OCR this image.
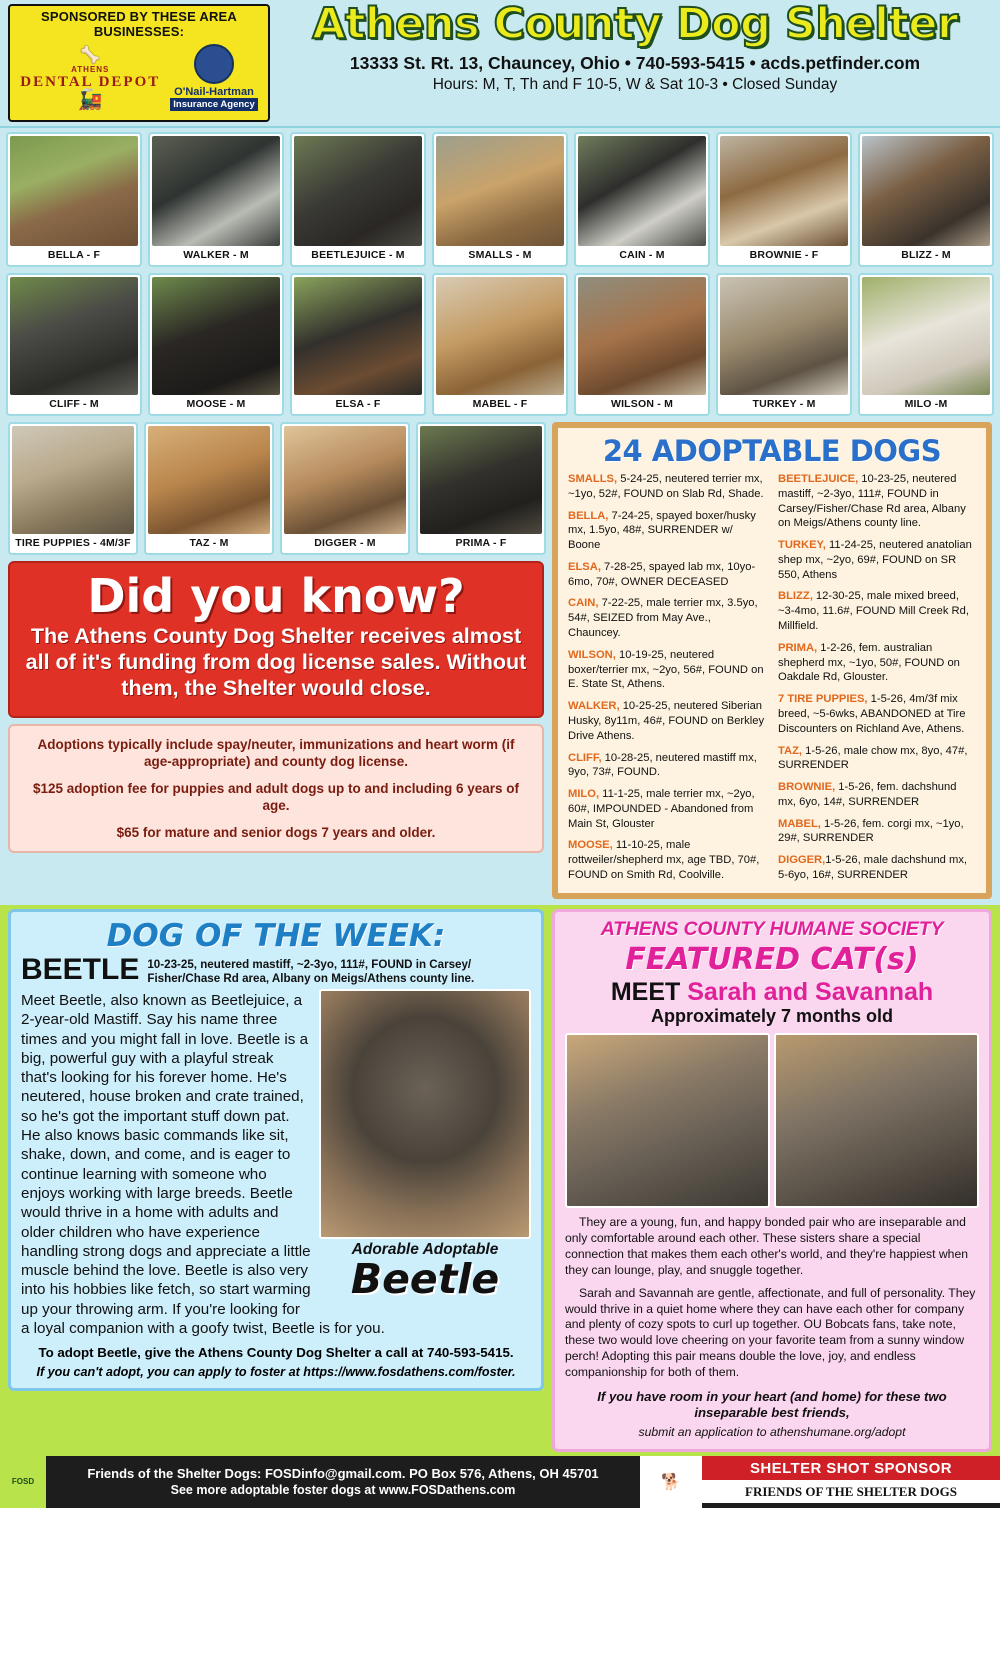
SPONSORED BY THESE AREA BUSINESSES:
🦴
ATHENS
DENTAL DEPOT
🚂	O'Nail-Hartman
Insurance Agency
Athens County Dog Shelter
13333 St. Rt. 13, Chauncey, Ohio • 740-593-5415 • acds.petfinder.com
Hours: M, T, Th and F 10-5, W & Sat 10-3 • Closed Sunday
BELLA - F	WALKER - M	BEETLEJUICE - M	SMALLS - M	CAIN - M	BROWNIE - F	BLIZZ - M
CLIFF - M	MOOSE - M	ELSA - F	MABEL - F	WILSON - M	TURKEY - M	MILO -M
TIRE PUPPIES - 4M/3F	TAZ - M	DIGGER - M	PRIMA - F
Did you know?

The Athens County Dog Shelter receives almost all of it's funding from dog license sales. Without them, the Shelter would close.

Adoptions typically include spay/neuter, immunizations and heart worm (if age-appropriate) and county dog license.

$125 adoption fee for puppies and adult dogs up to and including 6 years of age.

$65 for mature and senior dogs 7 years and older.

24 ADOPTABLE DOGS
SMALLS, 5-24-25, neutered terrier mx, ~1yo, 52#, FOUND on Slab Rd, Shade.
BELLA, 7-24-25, spayed boxer/husky mx, 1.5yo, 48#, SURRENDER w/ Boone
ELSA, 7-28-25, spayed lab mx, 10yo-6mo, 70#, OWNER DECEASED
CAIN, 7-22-25, male terrier mx, 3.5yo, 54#, SEIZED from May Ave., Chauncey.
WILSON, 10-19-25, neutered boxer/terrier mx, ~2yo, 56#, FOUND on E. State St, Athens.
WALKER, 10-25-25, neutered Siberian Husky, 8y11m, 46#, FOUND on Berkley Drive Athens.
CLIFF, 10-28-25, neutered mastiff mx, 9yo, 73#, FOUND.
MILO, 11-1-25, male terrier mx, ~2yo, 60#, IMPOUNDED - Abandoned from Main St, Glouster
MOOSE, 11-10-25, male rottweiler/shepherd mx, age TBD, 70#, FOUND on Smith Rd, Coolville.
BEETLEJUICE, 10-23-25, neutered mastiff, ~2-3yo, 111#, FOUND in Carsey/Fisher/Chase Rd area, Albany on Meigs/Athens county line.
TURKEY, 11-24-25, neutered anatolian shep mx, ~2yo, 69#, FOUND on SR 550, Athens
BLIZZ, 12-30-25, male mixed breed, ~3-4mo, 11.6#, FOUND Mill Creek Rd, Millfield.
PRIMA, 1-2-26, fem. australian shepherd mx, ~1yo, 50#, FOUND on Oakdale Rd, Glouster.
7 TIRE PUPPIES, 1-5-26, 4m/3f mix breed, ~5-6wks, ABANDONED at Tire Discounters on Richland Ave, Athens.
TAZ, 1-5-26, male chow mx, 8yo, 47#, SURRENDER
BROWNIE, 1-5-26, fem. dachshund mx, 6yo, 14#, SURRENDER
MABEL, 1-5-26, fem. corgi mx, ~1yo, 29#, SURRENDER
DIGGER,1-5-26, male dachshund mx, 5-6yo, 16#, SURRENDER
DOG OF THE WEEK:
BEETLE 10-23-25, neutered mastiff, ~2-3yo, 111#, FOUND in Carsey/ Fisher/Chase Rd area, Albany on Meigs/Athens county line.
Adorable Adoptable
Beetle
Meet Beetle, also known as Beetlejuice, a 2-year-old Mastiff. Say his name three times and you might fall in love. Beetle is a big, powerful guy with a playful streak that's looking for his forever home. He's neutered, house broken and crate trained, so he's got the important stuff down pat. He also knows basic commands like sit, shake, down, and come, and is eager to continue learning with someone who enjoys working with large breeds. Beetle would thrive in a home with adults and older children who have experience handling strong dogs and appreciate a little muscle behind the love. Beetle is also very into his hobbies like fetch, so start warming up your throwing arm. If you're looking for a loyal companion with a goofy twist, Beetle is for you.
To adopt Beetle, give the Athens County Dog Shelter a call at 740-593-5415.
If you can't adopt, you can apply to foster at https://www.fosdathens.com/foster.
ATHENS COUNTY HUMANE SOCIETY
FEATURED CAT(s)
MEET Sarah and Savannah
Approximately 7 months old

They are a young, fun, and happy bonded pair who are inseparable and only comfortable around each other. These sisters share a special connection that makes them each other's world, and they're happiest when they can lounge, play, and snuggle together.

Sarah and Savannah are gentle, affectionate, and full of personality. They would thrive in a quiet home where they can have each other for company and plenty of cozy spots to curl up together. OU Bobcats fans, take note, these two would love cheering on your favorite team from a sunny window perch! Adopting this pair means double the love, joy, and endless companionship for both of them.

If you have room in your heart (and home) for these two inseparable best friends,

submit an application to athenshumane.org/adopt

FOSD	Friends of the Shelter Dogs: FOSDinfo@gmail.com. PO Box 576, Athens, OH 45701
See more adoptable foster dogs at www.FOSDathens.com	🐕
SHELTER SHOT SPONSOR
FRIENDS OF THE SHELTER DOGS
